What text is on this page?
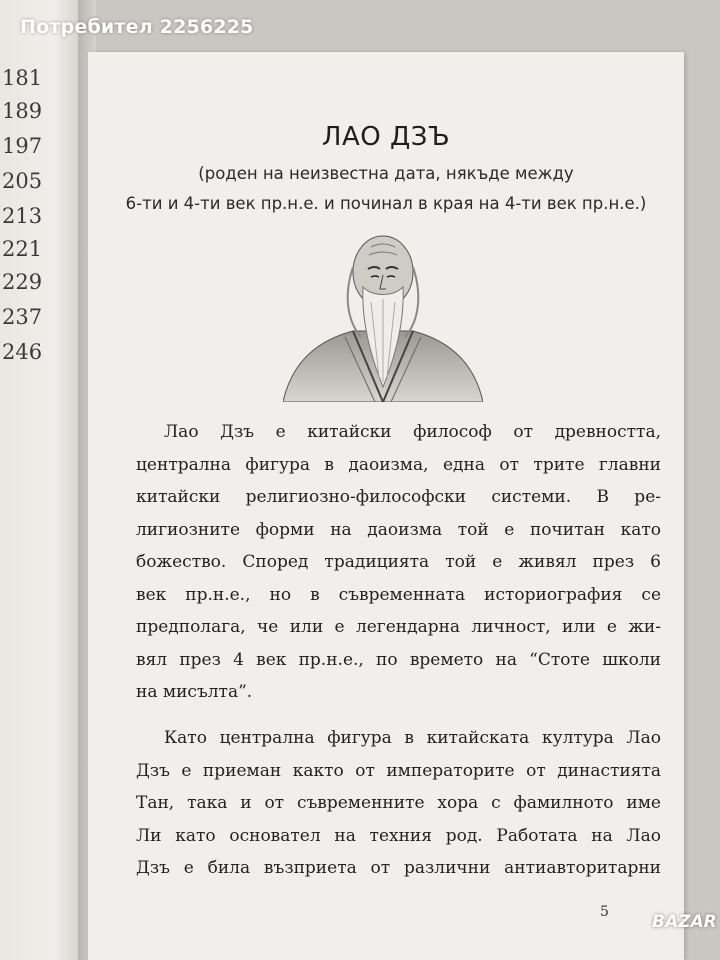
181
189
197
205
213
221
229
237
246
ЛАО ДЗЪ
(роден на неизвестна дата, някъде между
6-ти и 4-ти век пр.н.е. и починал в края на 4-ти век пр.н.е.)
Лао Дзъ е китайски философ от древността,
централна фигура в даоизма, една от трите главни
китайски религиозно-философски системи. В ре-
лигиозните форми на даоизма той е почитан като
божество. Според традицията той е живял през 6
век пр.н.е., но в съвременната историография се
предполага, че или е легендарна личност, или е жи-
вял през 4 век пр.н.е., по времето на “Стоте школи
на мисълта”.
Като централна фигура в китайската култура Лао
Дзъ е приеман както от императорите от династията
Тан, така и от съвременните хора с фамилното име
Ли като основател на техния род. Работата на Лао
Дзъ е била възприета от различни антиавторитарни
5
Потребител 2256225
BAZAR
